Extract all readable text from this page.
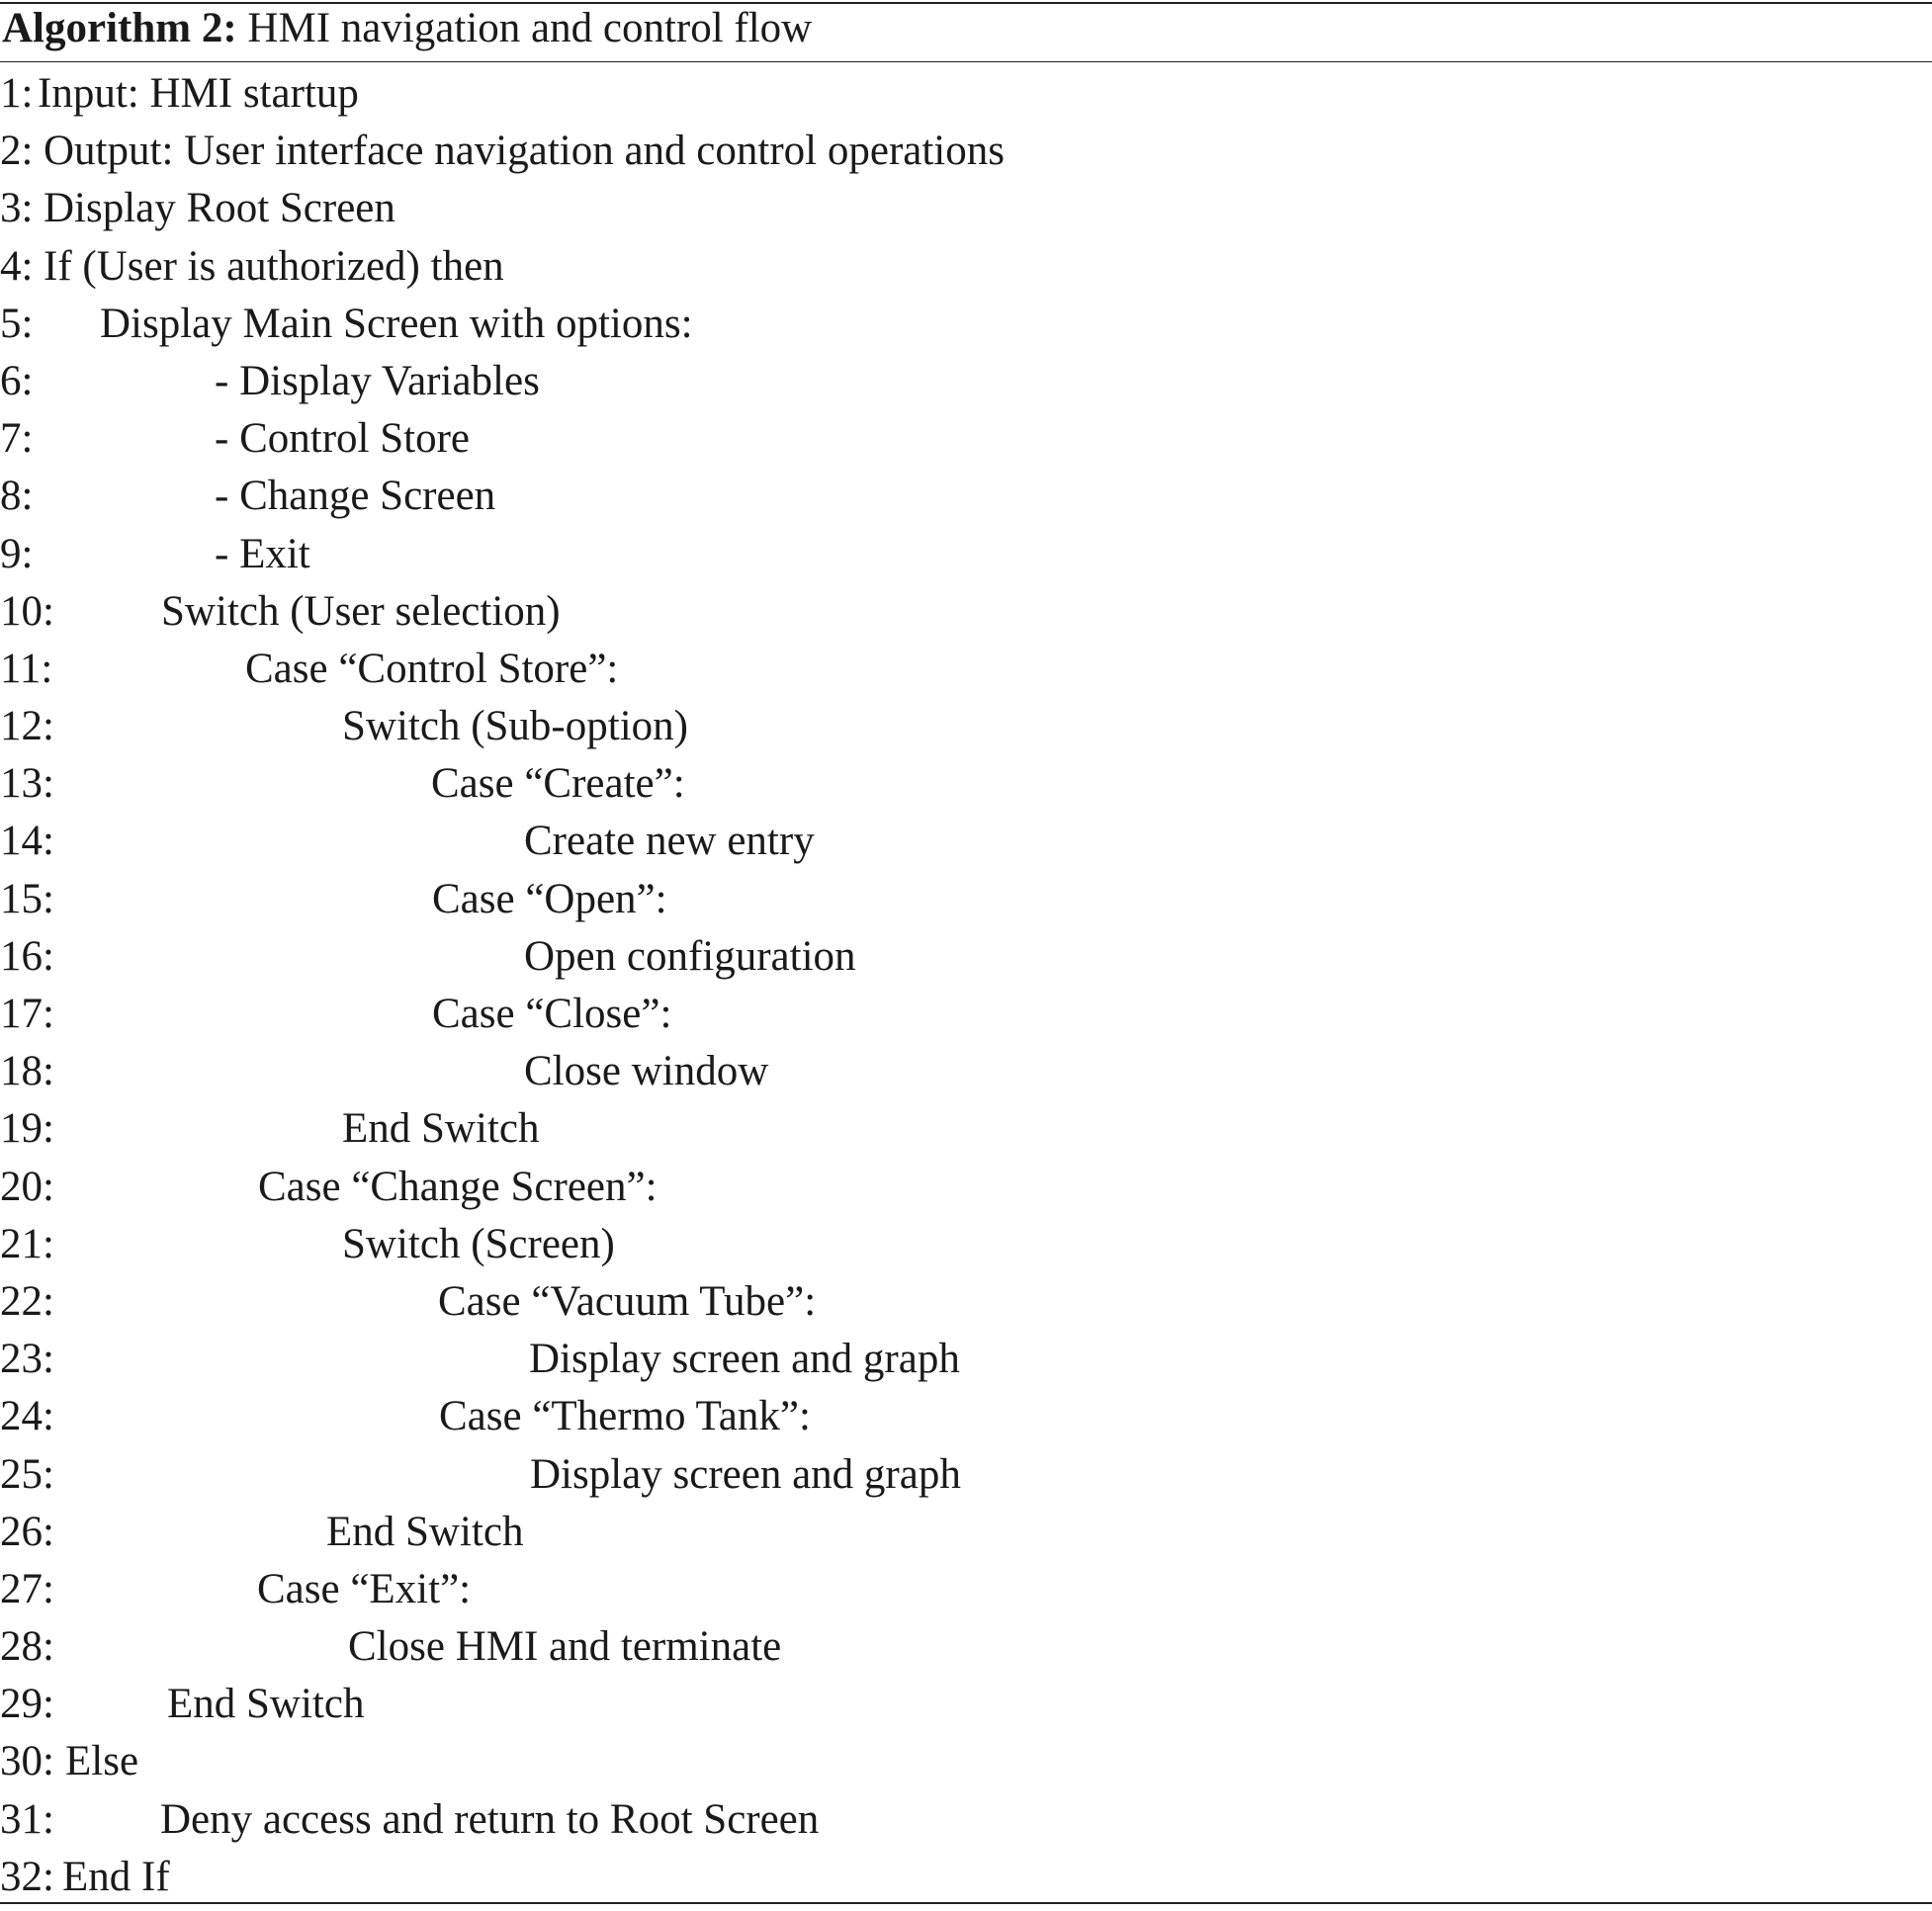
Algorithm 2: HMI navigation and control flow
1: Input: HMI startup
2: Output: User interface navigation and control operations
3: Display Root Screen
4: If (User is authorized) then
5: Display Main Screen with options:
6:	- Display Variables
7:	- Control Store
8:	- Change Screen
9:	- Exit
10:	Switch (User selection)
11:	Case “Control Store”:
12:	Switch (Sub-option)
13:	Case “Create”:
14:	Create new entry
15:	Case “Open”:
16:	Open configuration
17:	Case “Close”:
18:	Close window
19:	End Switch
20:	Case “Change Screen”:
21:	Switch (Screen)
22:	Case “Vacuum Tube”:
23:	Display screen and graph
24:	Case “Thermo Tank”:
25:	Display screen and graph
26:	End Switch
27:	Case “Exit”:
28:	Close HMI and terminate
29:	End Switch
30: Else
31: Deny access and return to Root Screen
32: End If
